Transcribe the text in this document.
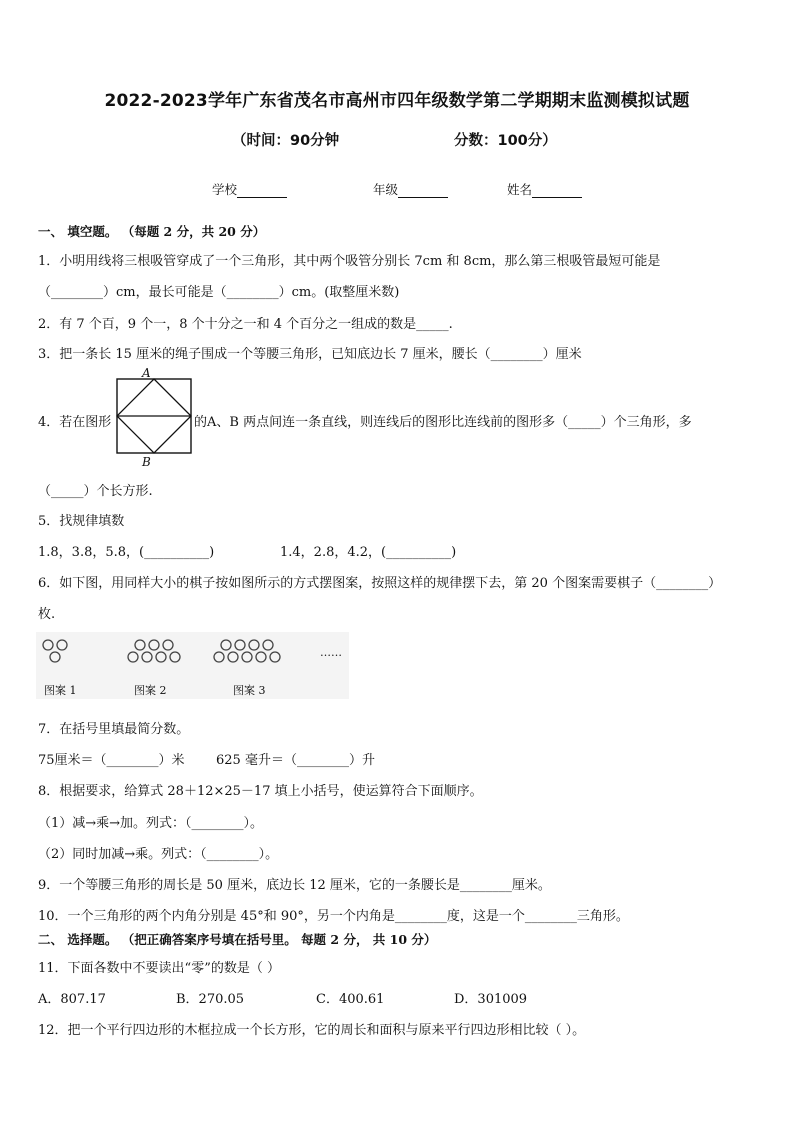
2022-2023学年广东省茂名市高州市四年级数学第二学期期末监测模拟试题
（时间：90分钟	分数：100分）
学校	年级	姓名
一、 填空题。 （每题 2 分，共 20 分）
1．小明用线将三根吸管穿成了一个三角形，其中两个吸管分别长 7cm 和 8cm，那么第三根吸管最短可能是
（________）cm，最长可能是（________）cm。(取整厘米数)
2．有 7 个百，9 个一，8 个十分之一和 4 个百分之一组成的数是_____.
3．把一条长 15 厘米的绳子围成一个等腰三角形，已知底边长 7 厘米，腰长（________）厘米
4．若在图形
A
B
的A、B 两点间连一条直线，则连线后的图形比连线前的图形多（_____）个三角形，多
（_____）个长方形.
5．找规律填数
1.8，3.8，5.8，(__________)	1.4，2.8，4.2，(__________)
6．如下图，用同样大小的棋子按如图所示的方式摆图案，按照这样的规律摆下去，第 20 个图案需要棋子（________）
枚.
图案 1	图案 2	图案 3
……
7．在括号里填最简分数。
75厘米＝（________）米 625 毫升＝（________）升
8．根据要求，给算式 28＋12×25－17 填上小括号，使运算符合下面顺序。
（1）减→乘→加。列式：（________）。
（2）同时加减→乘。列式：（________）。
9．一个等腰三角形的周长是 50 厘米，底边长 12 厘米，它的一条腰长是________厘米。
10．一个三角形的两个内角分别是 45°和 90°，另一个内角是________度，这是一个________三角形。
二、 选择题。 （把正确答案序号填在括号里。 每题 2 分， 共 10 分）
11．下面各数中不要读出“零”的数是（ ）
A．807.17	B．270.05	C．400.61	D．301009
12．把一个平行四边形的木框拉成一个长方形，它的周长和面积与原来平行四边形相比较（ ）。
